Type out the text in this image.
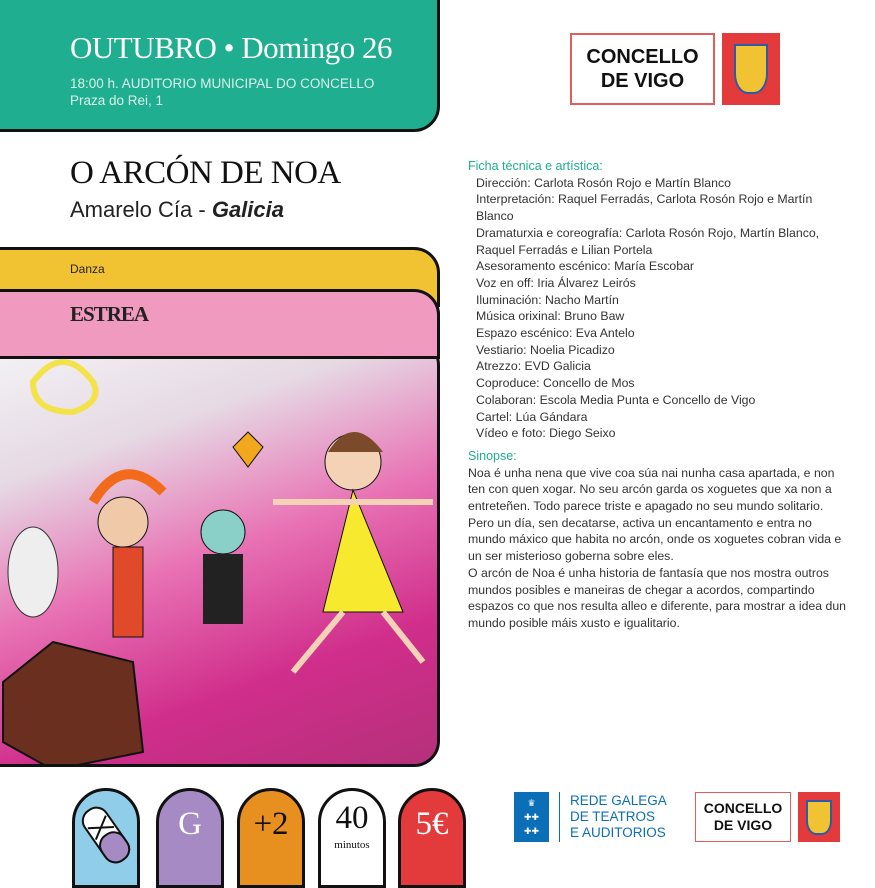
OUTUBRO • Domingo 26
18:00 h. AUDITORIO MUNICIPAL DO CONCELLO
Praza do Rei, 1
O ARCÓN DE NOA
Amarelo Cía - Galicia
Danza
ESTREA
CONCELLO
DE VIGO
Ficha técnica e artística:
Dirección: Carlota Rosón Rojo e Martín Blanco
Interpretación: Raquel Ferradás, Carlota Rosón Rojo e Martín Blanco
Dramaturxia e coreografía: Carlota Rosón Rojo, Martín Blanco, Raquel Ferradás e Lilian Portela
Asesoramento escénico: María Escobar
Voz en off: Iria Álvarez Leirós
Iluminación: Nacho Martín
Música orixinal: Bruno Baw
Espazo escénico: Eva Antelo
Vestiario: Noelia Picadizo
Atrezzo: EVD Galicia
Coproduce: Concello de Mos
Colaboran: Escola Media Punta e Concello de Vigo
Cartel: Lúa Gándara
Vídeo e foto: Diego Seixo
Sinopse:
Noa é unha nena que vive coa súa nai nunha casa apartada, e non ten con quen xogar. No seu arcón garda os xoguetes que xa non a entreteñen. Todo parece triste e apagado no seu mundo solitario.
Pero un día, sen decatarse, activa un encantamento e entra no mundo máxico que habita no arcón, onde os xoguetes cobran vida e un ser misterioso goberna sobre eles.
O arcón de Noa é unha historia de fantasía que nos mostra outros mundos posibles e maneiras de chegar a acordos, compartindo espazos co que nos resulta alleo e diferente, para mostrar a idea dun mundo posible máis xusto e igualitario.
G +2 40
minutos
5€
♛
✚✚
✚✚
REDE GALEGA
DE TEATROS
E AUDITORIOS
CONCELLO
DE VIGO
